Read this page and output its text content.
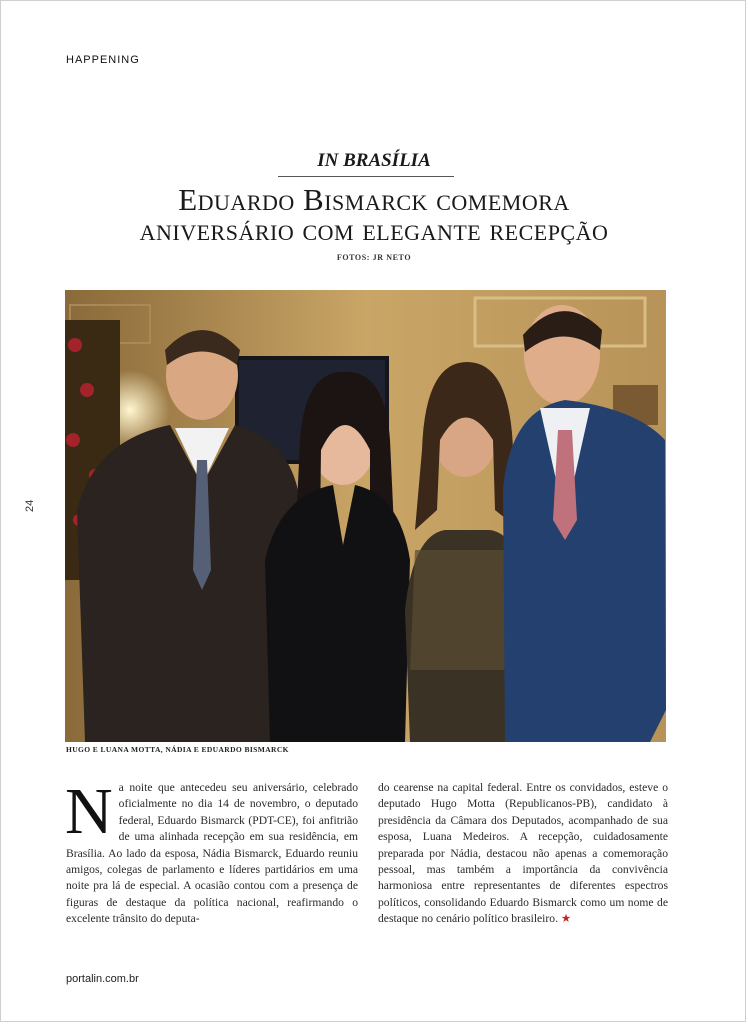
HAPPENING
IN BRASÍLIA
Eduardo Bismarck comemora
aniversário com elegante recepção
FOTOS: JR NETO
24
HUGO E LUANA MOTTA, NÁDIA E EDUARDO BISMARCK
Na noite que antecedeu seu aniversário, celebrado oficialmente no dia 14 de novembro, o deputado federal, Eduardo Bismarck (PDT-CE), foi anfitrião de uma alinhada recepção em sua residência, em Brasília. Ao lado da esposa, Nádia Bismarck, Eduardo reuniu amigos, colegas de parlamento e líderes partidários em uma noite pra lá de especial. A ocasião contou com a presença de figuras de destaque da política nacional, reafirmando o excelente trânsito do deputa-
do cearense na capital federal. Entre os convidados, esteve o deputado Hugo Motta (Republicanos-PB), candidato à presidência da Câmara dos Deputados, acompanhado de sua esposa, Luana Medeiros. A recepção, cuidadosamente preparada por Nádia, destacou não apenas a comemoração pessoal, mas também a importância da convivência harmoniosa entre representantes de diferentes espectros políticos, consolidando Eduardo Bismarck como um nome de destaque no cenário político brasileiro. ★
portalin.com.br
